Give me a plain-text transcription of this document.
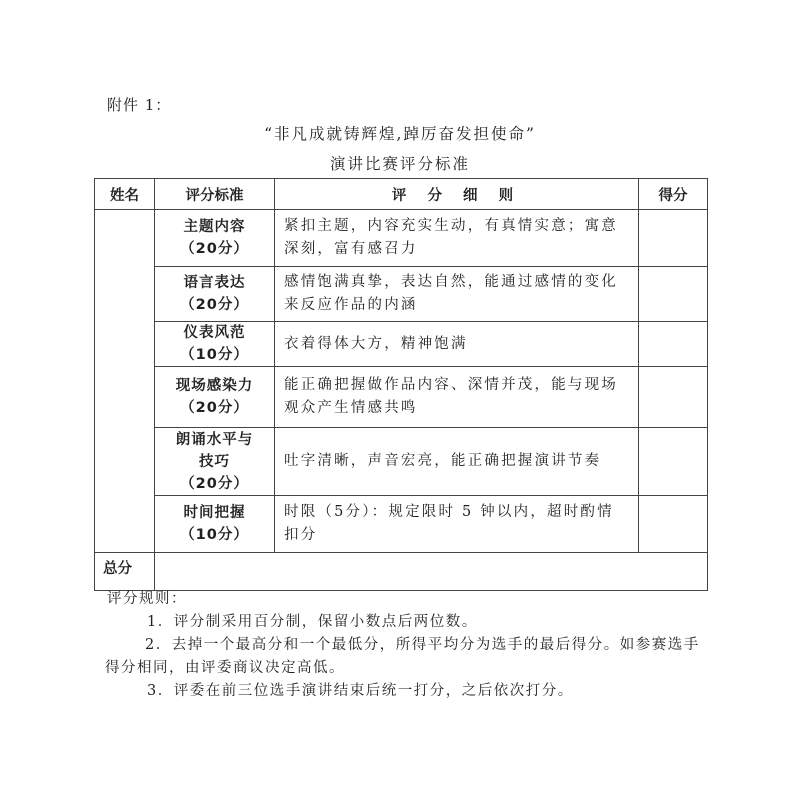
附件 1：
“非凡成就铸辉煌,踔厉奋发担使命”
演讲比赛评分标准
姓名	评分标准	评 分 细 则	得分

	主题内容
（20分）	紧扣主题，内容充实生动，有真情实意；寓意深刻，富有感召力	

	语言表达
（20分）	感情饱满真挚，表达自然，能通过感情的变化来反应作品的内涵	

	仪表风范
（10分）	衣着得体大方，精神饱满	

	现场感染力
（20分）	能正确把握做作品内容、深情并茂，能与现场观众产生情感共鸣	

	朗诵水平与
技巧
（20分）	吐字清晰，声音宏亮，能正确把握演讲节奏	

	时间把握
（10分）	时限（5分）：规定限时 5 钟以内，超时酌情扣分	
总分			
评分规则：
1．评分制采用百分制，保留小数点后两位数。
2．去掉一个最高分和一个最低分，所得平均分为选手的最后得分。如参赛选手得分相同，由评委商议决定高低。
3．评委在前三位选手演讲结束后统一打分，之后依次打分。
